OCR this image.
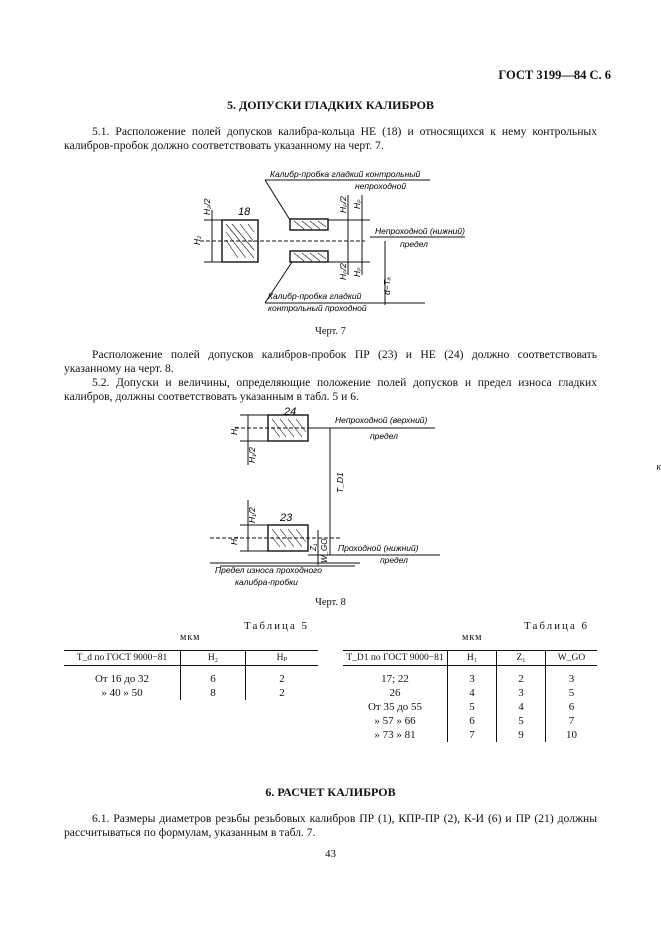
ГОСТ 3199—84 С. 6
5. ДОПУСКИ ГЛАДКИХ КАЛИБРОВ
5.1. Расположение полей допусков калибра-кольца НЕ (18) и относящихся к нему контрольных калибров-пробок должно соответствовать указанному на черт. 7.
18
Калибр-пробка гладкий контрольный
непроходной
Непроходной (нижний)
предел
Калибр-пробка гладкий
контрольный проходной
H₂/2
H₂
Hₚ/2 Hₚ
Hₚ/2 Hₚ
d−Tₐ
Черт. 7
Расположение полей допусков калибров-пробок ПР (23) и НЕ (24) должно соответствовать указанному на черт. 8.
5.2. Допуски и величины, определяющие положение полей допусков и предел износа гладких калибров, должны соответствовать указанным в табл. 5 и 6.
24
23
Непроходной (верхний)
предел
Проходной (нижний)
предел
Предел износа проходного
калибра-пробки
H₁
H₁/2
H₁/2
H₁
Z₁ W_GO
T_D1
Черт. 8
Таблица 5
мкм
T_d по ГОСТ 9000−81	H₂	Hₚ
От 16 до 32	6	2
» 40 » 50	8	2
Таблица 6
мкм
T_D1 по ГОСТ 9000−81	H₁	Z₁	W_GO
17; 22	3	2	3
26	4	3	5
От 35 до 55	5	4	6
» 57 » 66	6	5	7
» 73 » 81	7	9	10
6. РАСЧЕТ КАЛИБРОВ
6.1. Размеры диаметров резьбы резьбовых калибров ПР (1), КПР-ПР (2), К-И (6) и ПР (21) должны рассчитываться по формулам, указанным в табл. 7.
43
к
